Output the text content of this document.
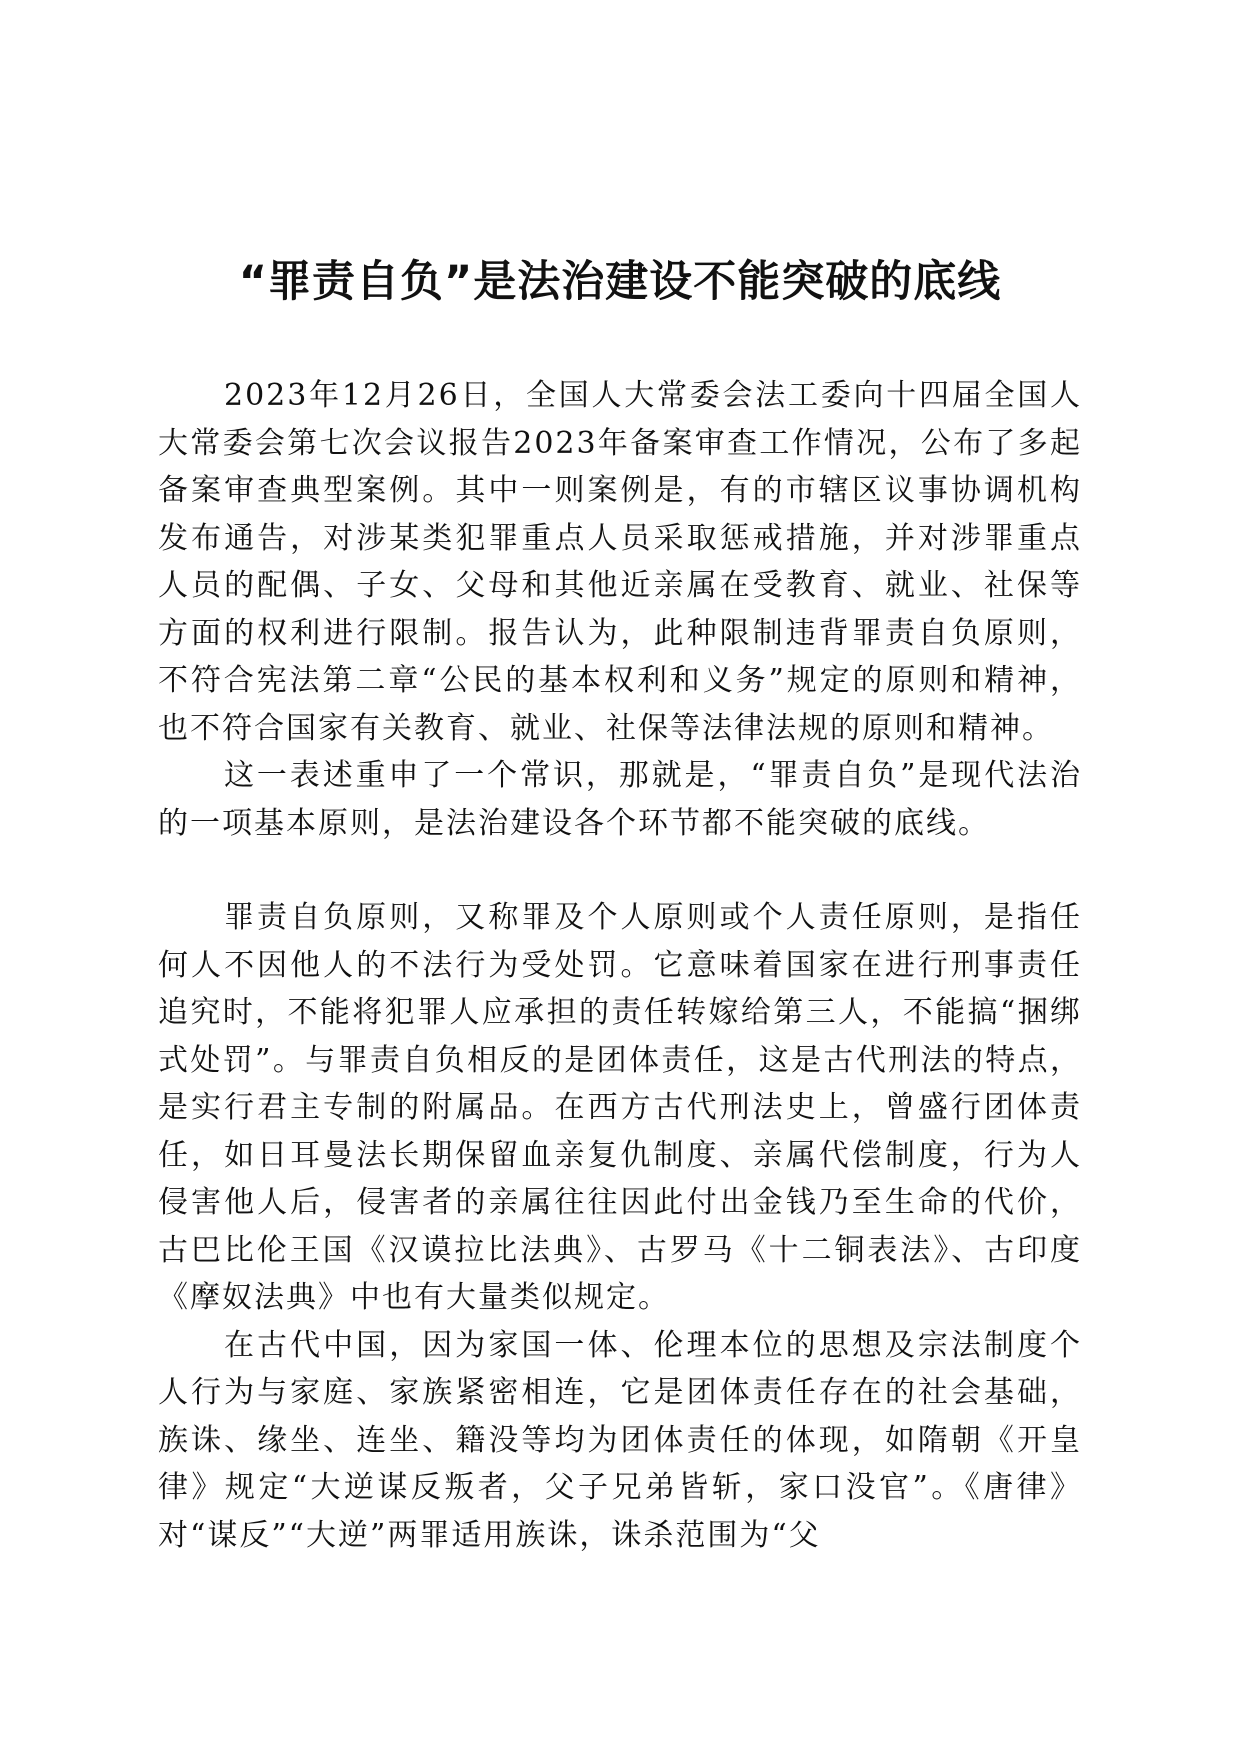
“罪责自负”是法治建设不能突破的底线

2023年12月26日，全国人大常委会法工委向十四届全国人大常委会第七次会议报告2023年备案审查工作情况，公布了多起备案审查典型案例。其中一则案例是，有的市辖区议事协调机构发布通告，对涉某类犯罪重点人员采取惩戒措施，并对涉罪重点人员的配偶、子女、父母和其他近亲属在受教育、就业、社保等方面的权利进行限制。报告认为，此种限制违背罪责自负原则，不符合宪法第二章“公民的基本权利和义务”规定的原则和精神，也不符合国家有关教育、就业、社保等法律法规的原则和精神。

这一表述重申了一个常识，那就是，“罪责自负”是现代法治的一项基本原则，是法治建设各个环节都不能突破的底线。

罪责自负原则，又称罪及个人原则或个人责任原则，是指任何人不因他人的不法行为受处罚。它意味着国家在进行刑事责任追究时，不能将犯罪人应承担的责任转嫁给第三人，不能搞“捆绑式处罚”。与罪责自负相反的是团体责任，这是古代刑法的特点，是实行君主专制的附属品。在西方古代刑法史上，曾盛行团体责任，如日耳曼法长期保留血亲复仇制度、亲属代偿制度，行为人侵害他人后，侵害者的亲属往往因此付出金钱乃至生命的代价，古巴比伦王国《汉谟拉比法典》、古罗马《十二铜表法》、古印度《摩奴法典》中也有大量类似规定。

在古代中国，因为家国一体、伦理本位的思想及宗法制度个人行为与家庭、家族紧密相连，它是团体责任存在的社会基础，族诛、缘坐、连坐、籍没等均为团体责任的体现，如隋朝《开皇律》规定“大逆谋反叛者，父子兄弟皆斩，家口没官”。《唐律》对“谋反”“大逆”两罪适用族诛，诛杀范围为“父
